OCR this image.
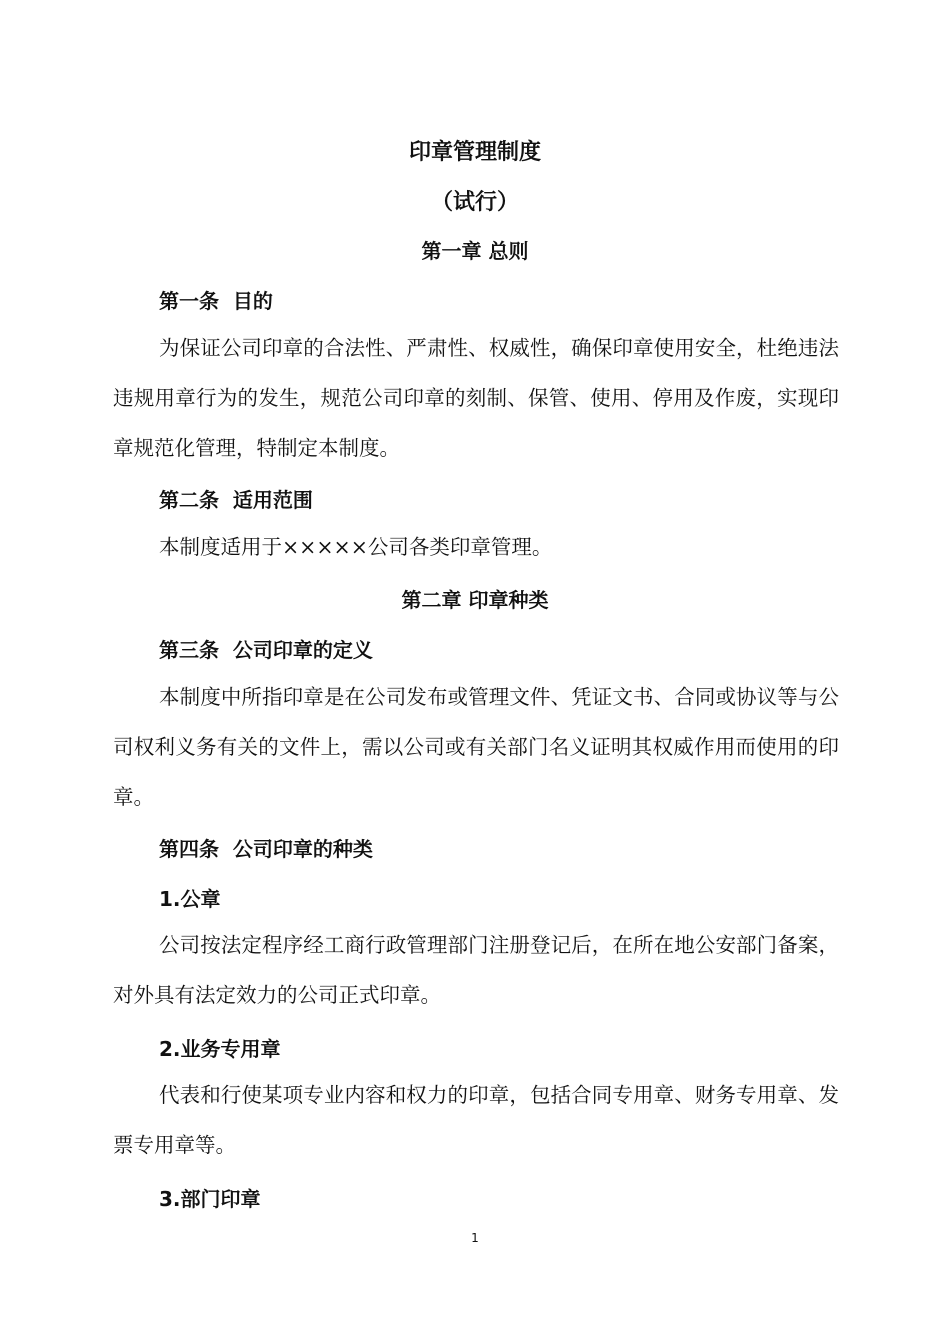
印章管理制度
（试行）
第一章 总则
第一条  目的
为保证公司印章的合法性、严肃性、权威性，确保印章使用安全，杜绝违法违规用章行为的发生，规范公司印章的刻制、保管、使用、停用及作废，实现印章规范化管理，特制定本制度。
第二条  适用范围
本制度适用于×××××公司各类印章管理。
第二章 印章种类
第三条  公司印章的定义
本制度中所指印章是在公司发布或管理文件、凭证文书、合同或协议等与公司权利义务有关的文件上，需以公司或有关部门名义证明其权威作用而使用的印章。
第四条  公司印章的种类
1.公章
公司按法定程序经工商行政管理部门注册登记后，在所在地公安部门备案，对外具有法定效力的公司正式印章。
2.业务专用章
代表和行使某项专业内容和权力的印章，包括合同专用章、财务专用章、发票专用章等。
3.部门印章
1
